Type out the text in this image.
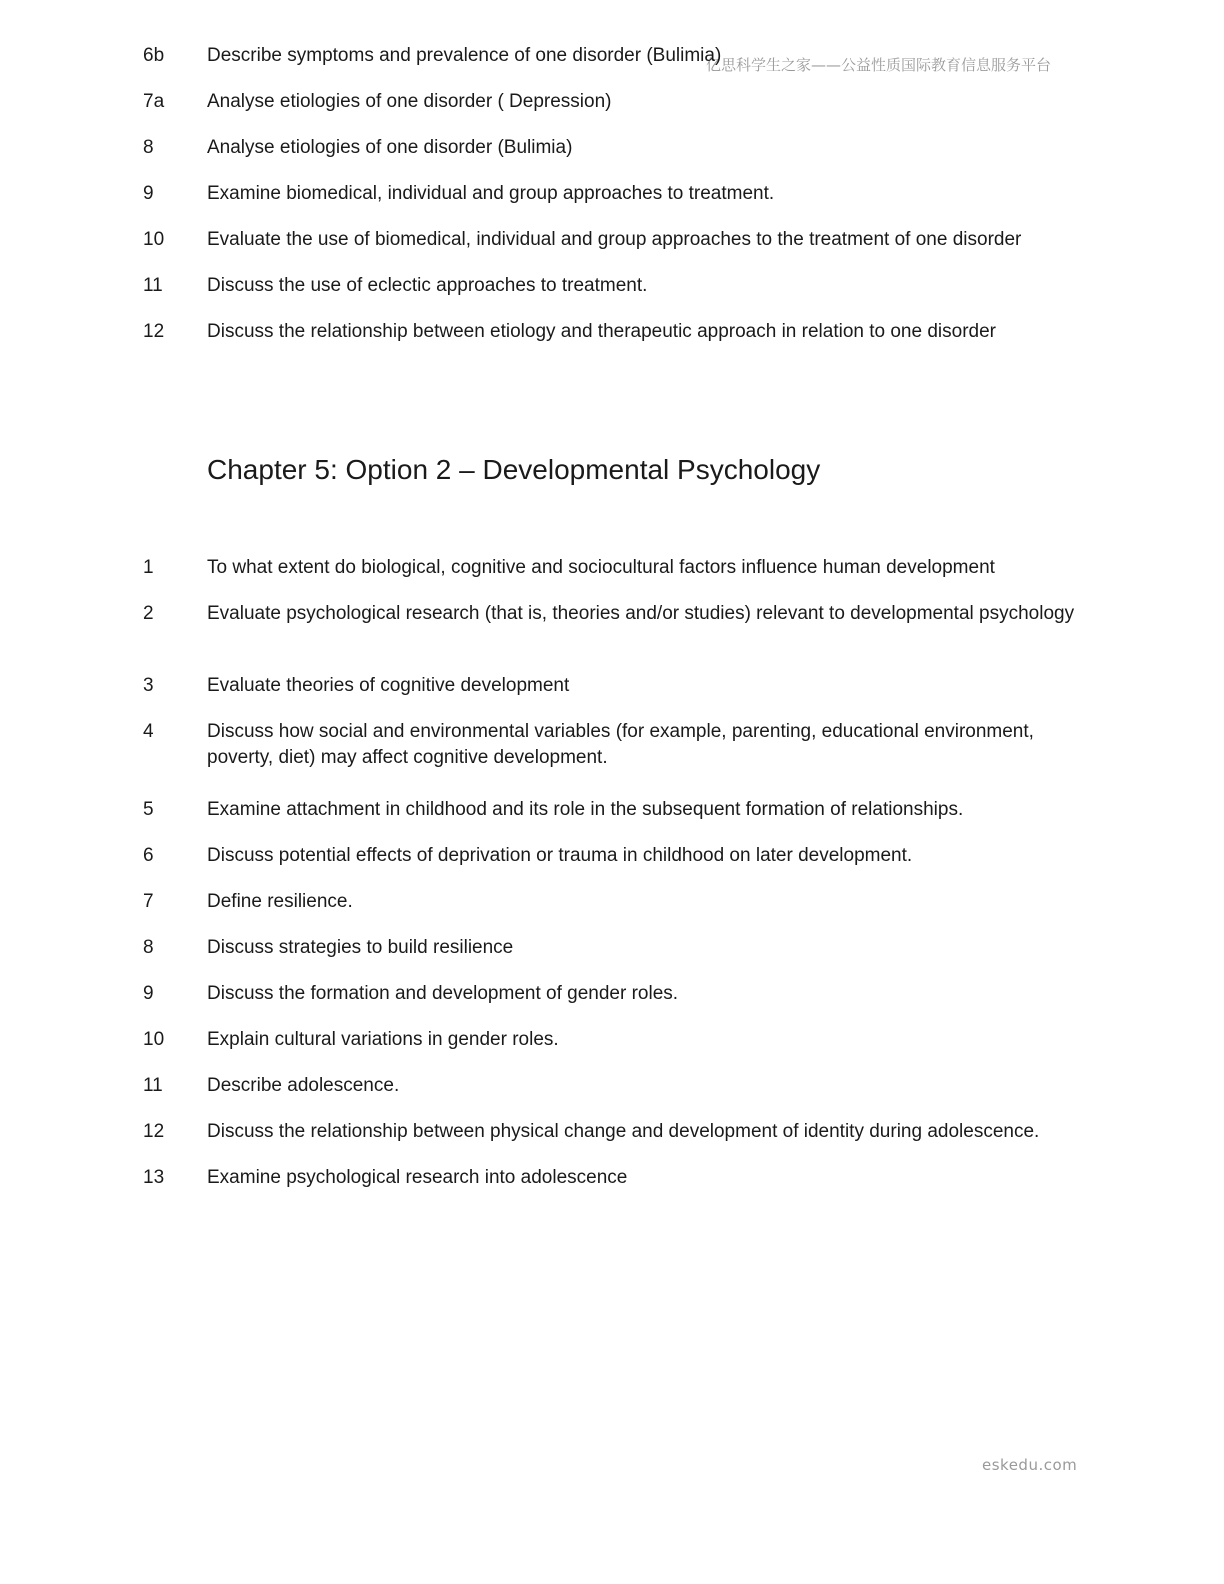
亿思科学生之家——公益性质国际教育信息服务平台
6b	Describe symptoms and prevalence of one disorder (Bulimia)
7a	Analyse etiologies of one disorder ( Depression)
8	Analyse etiologies of one disorder (Bulimia)
9	Examine biomedical, individual and group approaches to treatment.
10	Evaluate the use of biomedical, individual and group approaches to the treatment of one disorder
11	Discuss the use of eclectic approaches to treatment.
12	Discuss the relationship between etiology and therapeutic approach in relation to one disorder
Chapter 5: Option 2 – Developmental Psychology
1	To what extent do biological, cognitive and sociocultural factors influence human development
2	Evaluate psychological research (that is, theories and/or studies) relevant to developmental psychology
3	Evaluate theories of cognitive development
4	Discuss how social and environmental variables (for example, parenting, educational environment, poverty, diet) may affect cognitive development.
5	Examine attachment in childhood and its role in the subsequent formation of relationships.
6	Discuss potential effects of deprivation or trauma in childhood on later development.
7	Define resilience.
8	Discuss strategies to build resilience
9	Discuss the formation and development of gender roles.
10	Explain cultural variations in gender roles.
11	Describe adolescence.
12	Discuss the relationship between physical change and development of identity during adolescence.
13	Examine psychological research into adolescence
eskedu.com
